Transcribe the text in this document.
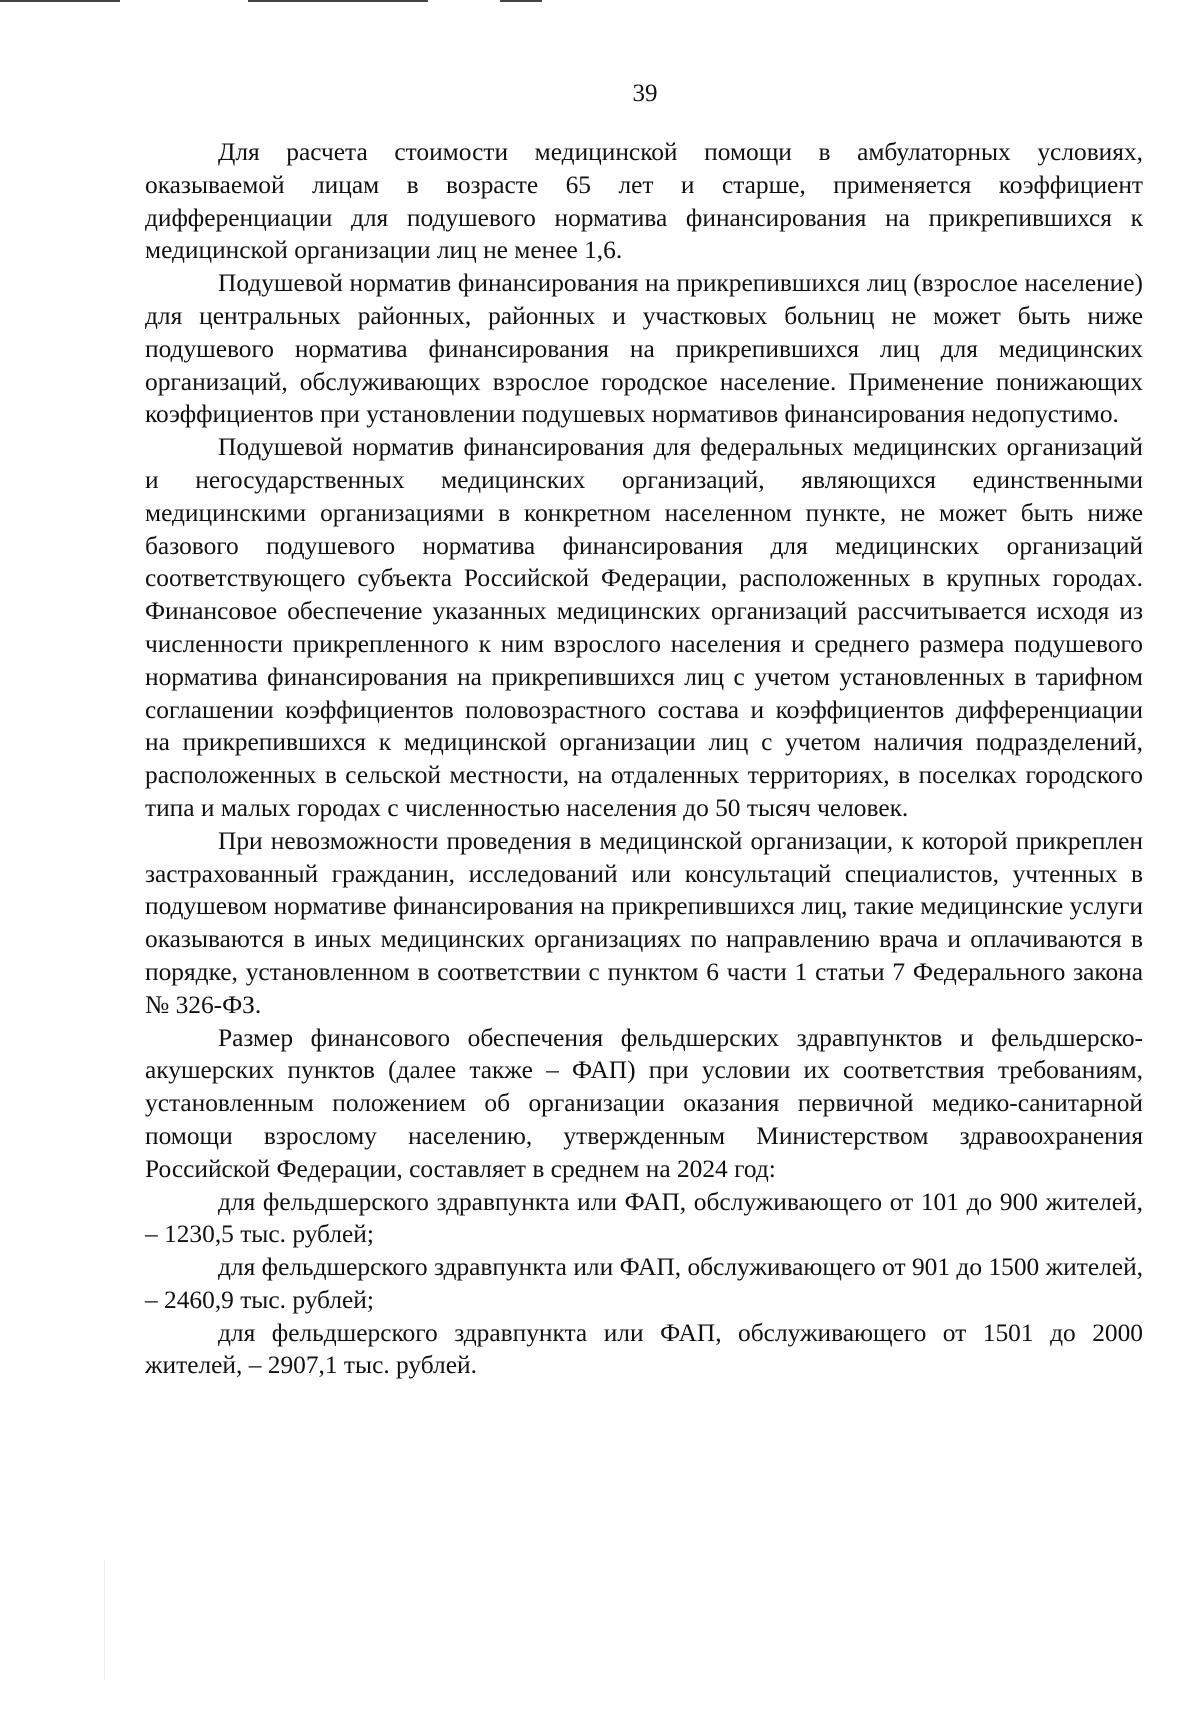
39

Для расчета стоимости медицинской помощи в амбулаторных условиях, оказываемой лицам в возрасте 65 лет и старше, применяется коэффициент дифференциации для подушевого норматива финансирования на прикрепившихся к медицинской организации лиц не менее 1,6.

Подушевой норматив финансирования на прикрепившихся лиц (взрослое население) для центральных районных, районных и участковых больниц не может быть ниже подушевого норматива финансирования на прикрепившихся лиц для медицинских организаций, обслуживающих взрослое городское население. Применение понижающих коэффициентов при установлении подушевых нормативов финансирования недопустимо.

Подушевой норматив финансирования для федеральных медицинских организаций и негосударственных медицинских организаций, являющихся единственными медицинскими организациями в конкретном населенном пункте, не может быть ниже базового подушевого норматива финансирования для медицинских организаций соответствующего субъекта Российской Федерации, расположенных в крупных городах. Финансовое обеспечение указанных медицинских организаций рассчитывается исходя из численности прикрепленного к ним взрослого населения и среднего размера подушевого норматива финансирования на прикрепившихся лиц с учетом установленных в тарифном соглашении коэффициентов половозрастного состава и коэффициентов дифференциации на прикрепившихся к медицинской организации лиц с учетом наличия подразделений, расположенных в сельской местности, на отдаленных территориях, в поселках городского типа и малых городах с численностью населения до 50 тысяч человек.

При невозможности проведения в медицинской организации, к которой прикреплен застрахованный гражданин, исследований или консультаций специалистов, учтенных в подушевом нормативе финансирования на прикрепившихся лиц, такие медицинские услуги оказываются в иных медицинских организациях по направлению врача и оплачиваются в порядке, установленном в соответствии с пунктом 6 части 1 статьи 7 Федерального закона № 326-ФЗ.

Размер финансового обеспечения фельдшерских здравпунктов и фельдшерско-акушерских пунктов (далее также – ФАП) при условии их соответствия требованиям, установленным положением об организации оказания первичной медико-санитарной помощи взрослому населению, утвержденным Министерством здравоохранения Российской Федерации, составляет в среднем на 2024 год:

для фельдшерского здравпункта или ФАП, обслуживающего от 101 до 900 жителей, – 1230,5 тыс. рублей;

для фельдшерского здравпункта или ФАП, обслуживающего от 901 до 1500 жителей, – 2460,9 тыс. рублей;

для фельдшерского здравпункта или ФАП, обслуживающего от 1501 до 2000 жителей, – 2907,1 тыс. рублей.
